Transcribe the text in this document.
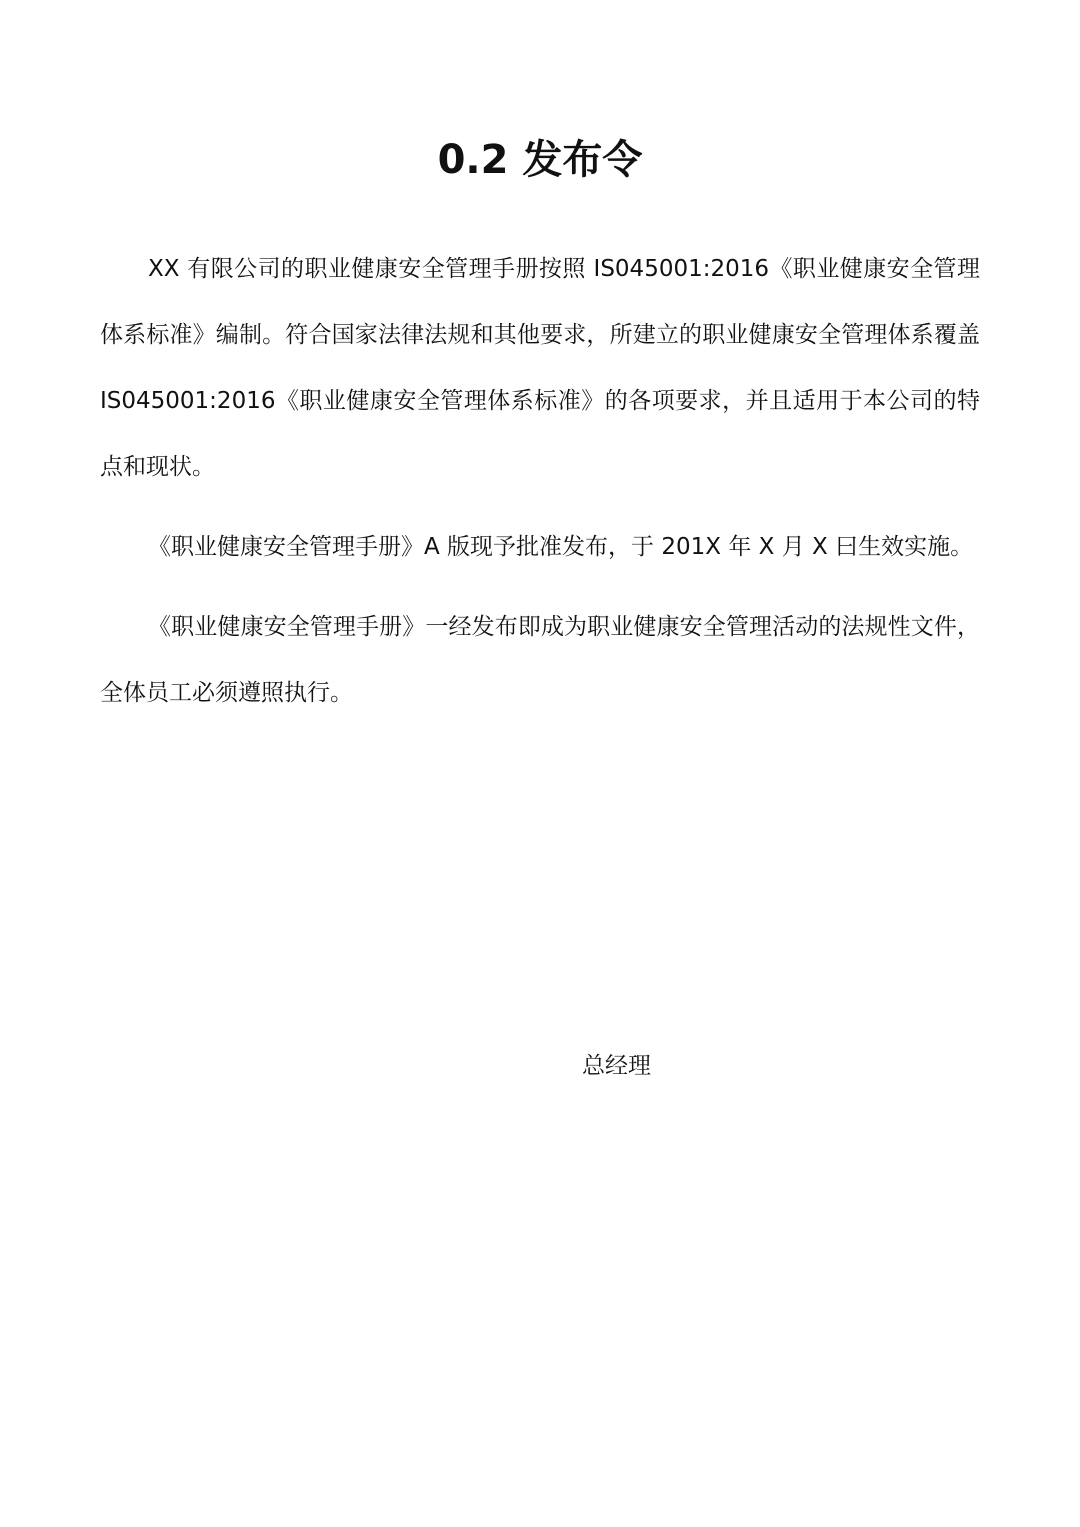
0.2 发布令

XX 有限公司的职业健康安全管理手册按照 IS045001:2016《职业健康安全管理体系标准》编制。符合国家法律法规和其他要求，所建立的职业健康安全管理体系覆盖 IS045001:2016《职业健康安全管理体系标准》的各项要求，并且适用于本公司的特点和现状。

《职业健康安全管理手册》A 版现予批准发布，于 201X 年 X 月 X 曰生效实施。

《职业健康安全管理手册》一经发布即成为职业健康安全管理活动的法规性文件，全体员工必须遵照执行。

总经理
